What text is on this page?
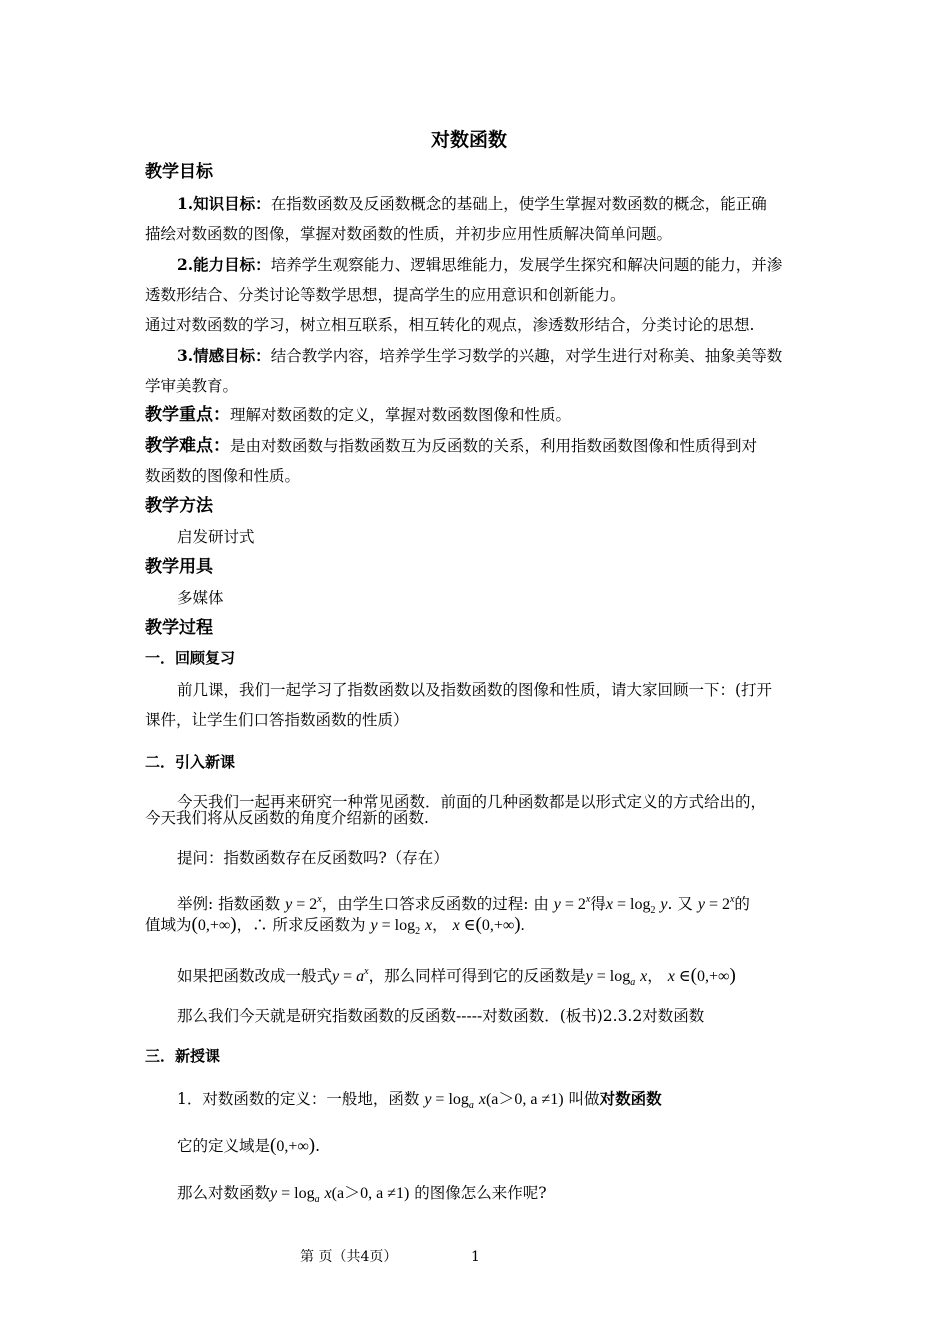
对数函数
教学目标
1.知识目标：在指数函数及反函数概念的基础上，使学生掌握对数函数的概念，能正确
描绘对数函数的图像，掌握对数函数的性质，并初步应用性质解决简单问题。
2.能力目标：培养学生观察能力、逻辑思维能力，发展学生探究和解决问题的能力，并渗
透数形结合、分类讨论等数学思想，提高学生的应用意识和创新能力。
通过对数函数的学习，树立相互联系，相互转化的观点，渗透数形结合，分类讨论的思想.
3.情感目标：结合教学内容，培养学生学习数学的兴趣，对学生进行对称美、抽象美等数
学审美教育。
教学重点：理解对数函数的定义，掌握对数函数图像和性质。
教学难点：是由对数函数与指数函数互为反函数的关系，利用指数函数图像和性质得到对
数函数的图像和性质。
教学方法
启发研讨式
教学用具
多媒体
教学过程
一．回顾复习
前几课，我们一起学习了指数函数以及指数函数的图像和性质，请大家回顾一下：(打开
课件，让学生们口答指数函数的性质）
二．引入新课
今天我们一起再来研究一种常见函数．前面的几种函数都是以形式定义的方式给出的，
今天我们将从反函数的角度介绍新的函数.
提问：指数函数存在反函数吗?（存在）
举例: 指数函数 $y = 2^x$，由学生口答求反函数的过程: 由 $y = 2^x$得$x = \log_2 y$. 又 $y = 2^x$的
值域为(0,+∞)，∴ 所求反函数为 $y = \log_2 x$， x ∈(0,+∞).
如果把函数改成一般式$y = a^x$，那么同样可得到它的反函数是$y = \log_a x$， x ∈(0,+∞)
那么我们今天就是研究指数函数的反函数-----对数函数．(板书)2.3.2对数函数
三．新授课
1．对数函数的定义：一般地，函数 $y = \log_a x(a>0$, a ≠1) 叫做对数函数
它的定义域是(0,+∞).
那么对数函数$y = \log_a x(a>0$, a ≠1) 的图像怎么来作呢?
第 页（共4页）	1
